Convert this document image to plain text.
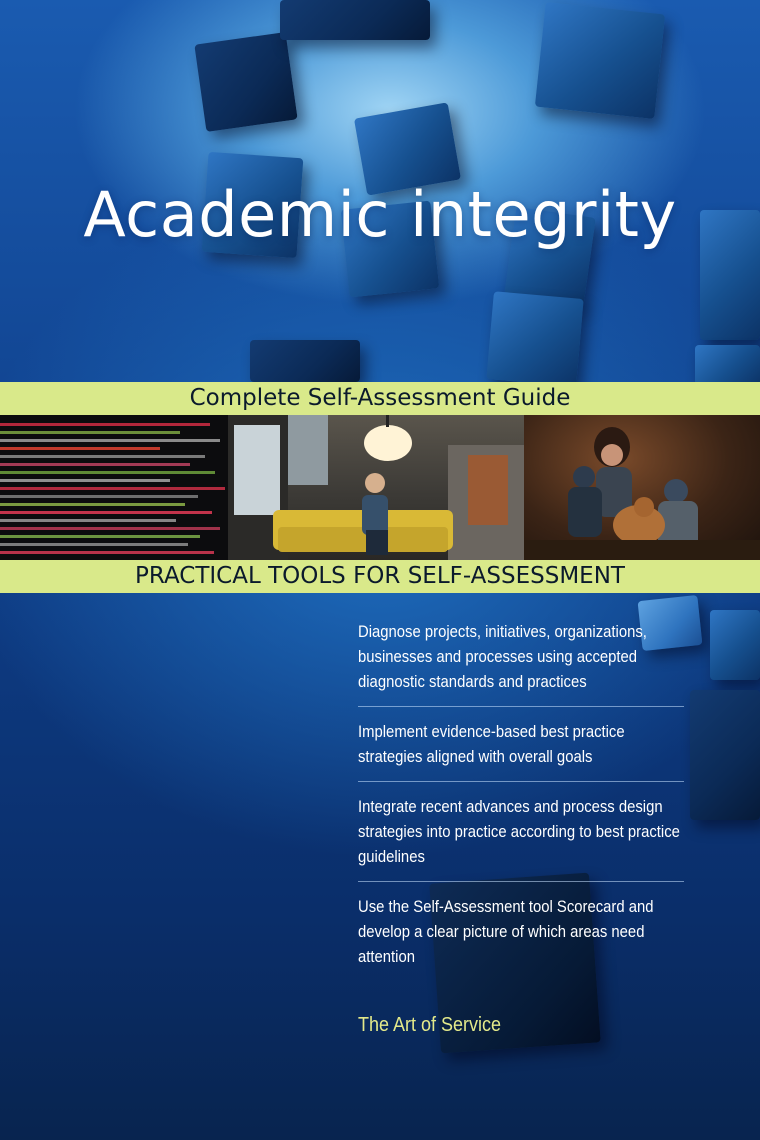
Academic integrity
Complete Self-Assessment Guide
PRACTICAL TOOLS FOR SELF-ASSESSMENT
Diagnose projects, initiatives, organizations, businesses and processes using accepted diagnostic standards and practices
Implement evidence-based best practice strategies aligned with overall goals
Integrate recent advances and process design strategies into practice according to best practice guidelines
Use the Self-Assessment tool Scorecard and develop a clear picture of which areas need attention
The Art of Service
